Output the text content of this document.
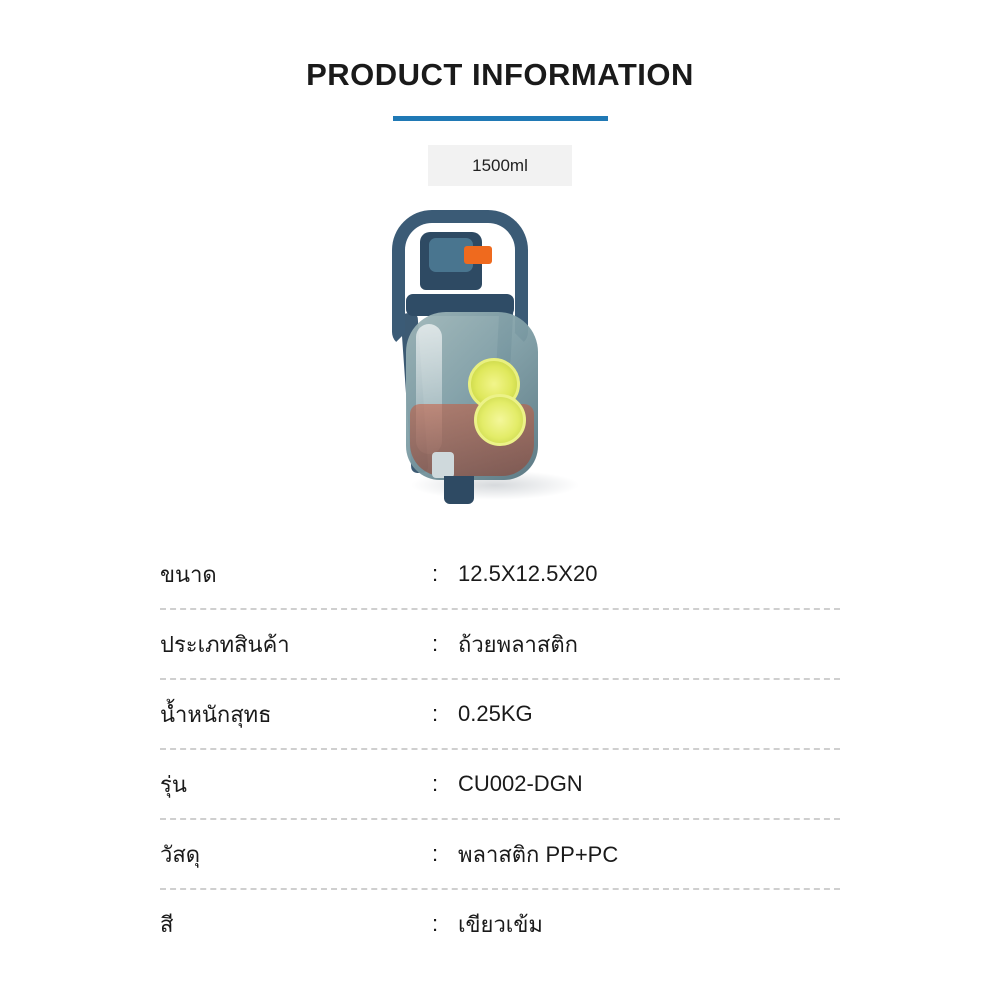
PRODUCT INFORMATION
1500ml
ขนาด	: 12.5X12.5X20
ประเภทสินค้า	: ถ้วยพลาสติก
น้ำหนักสุทธ	: 0.25KG
รุ่น	: CU002-DGN
วัสดุ	: พลาสติก PP+PC
สี	: เขียวเข้ม
